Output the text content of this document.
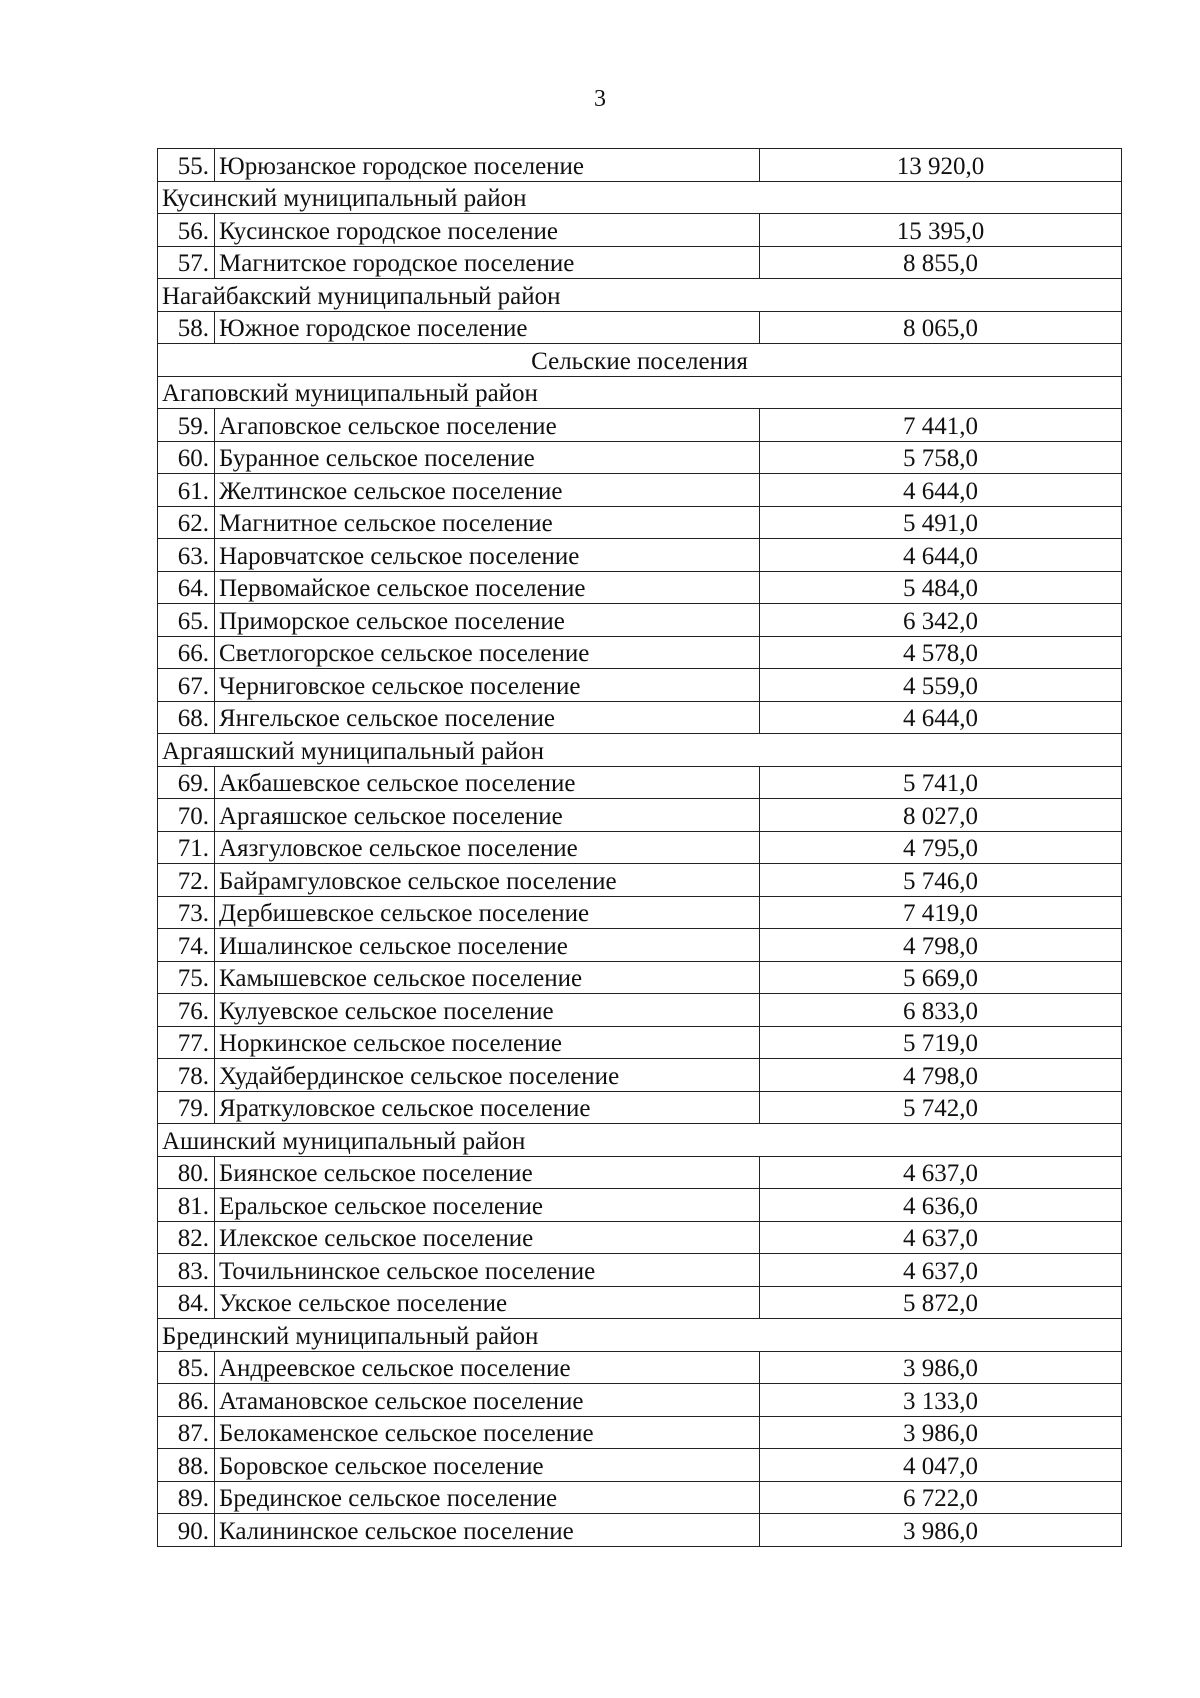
3
55.	Юрюзанское городское поселение	13 920,0
Кусинский муниципальный район		
56.	Кусинское городское поселение	15 395,0
57.	Магнитское городское поселение	8 855,0
Нагайбакский муниципальный район		
58.	Южное городское поселение	8 065,0
Сельские поселения		
Агаповский муниципальный район		
59.	Агаповское сельское поселение	7 441,0
60.	Буранное сельское поселение	5 758,0
61.	Желтинское сельское поселение	4 644,0
62.	Магнитное сельское поселение	5 491,0
63.	Наровчатское сельское поселение	4 644,0
64.	Первомайское сельское поселение	5 484,0
65.	Приморское сельское поселение	6 342,0
66.	Светлогорское сельское поселение	4 578,0
67.	Черниговское сельское поселение	4 559,0
68.	Янгельское сельское поселение	4 644,0
Аргаяшский муниципальный район		
69.	Акбашевское сельское поселение	5 741,0
70.	Аргаяшское сельское поселение	8 027,0
71.	Аязгуловское сельское поселение	4 795,0
72.	Байрамгуловское сельское поселение	5 746,0
73.	Дербишевское сельское поселение	7 419,0
74.	Ишалинское сельское поселение	4 798,0
75.	Камышевское сельское поселение	5 669,0
76.	Кулуевское сельское поселение	6 833,0
77.	Норкинское сельское поселение	5 719,0
78.	Худайбердинское сельское поселение	4 798,0
79.	Яраткуловское сельское поселение	5 742,0
Ашинский муниципальный район		
80.	Биянское сельское поселение	4 637,0
81.	Еральское сельское поселение	4 636,0
82.	Илекское сельское поселение	4 637,0
83.	Точильнинское сельское поселение	4 637,0
84.	Укское сельское поселение	5 872,0
Брединский муниципальный район		
85.	Андреевское сельское поселение	3 986,0
86.	Атамановское сельское поселение	3 133,0
87.	Белокаменское сельское поселение	3 986,0
88.	Боровское сельское поселение	4 047,0
89.	Брединское сельское поселение	6 722,0
90.	Калининское сельское поселение	3 986,0
